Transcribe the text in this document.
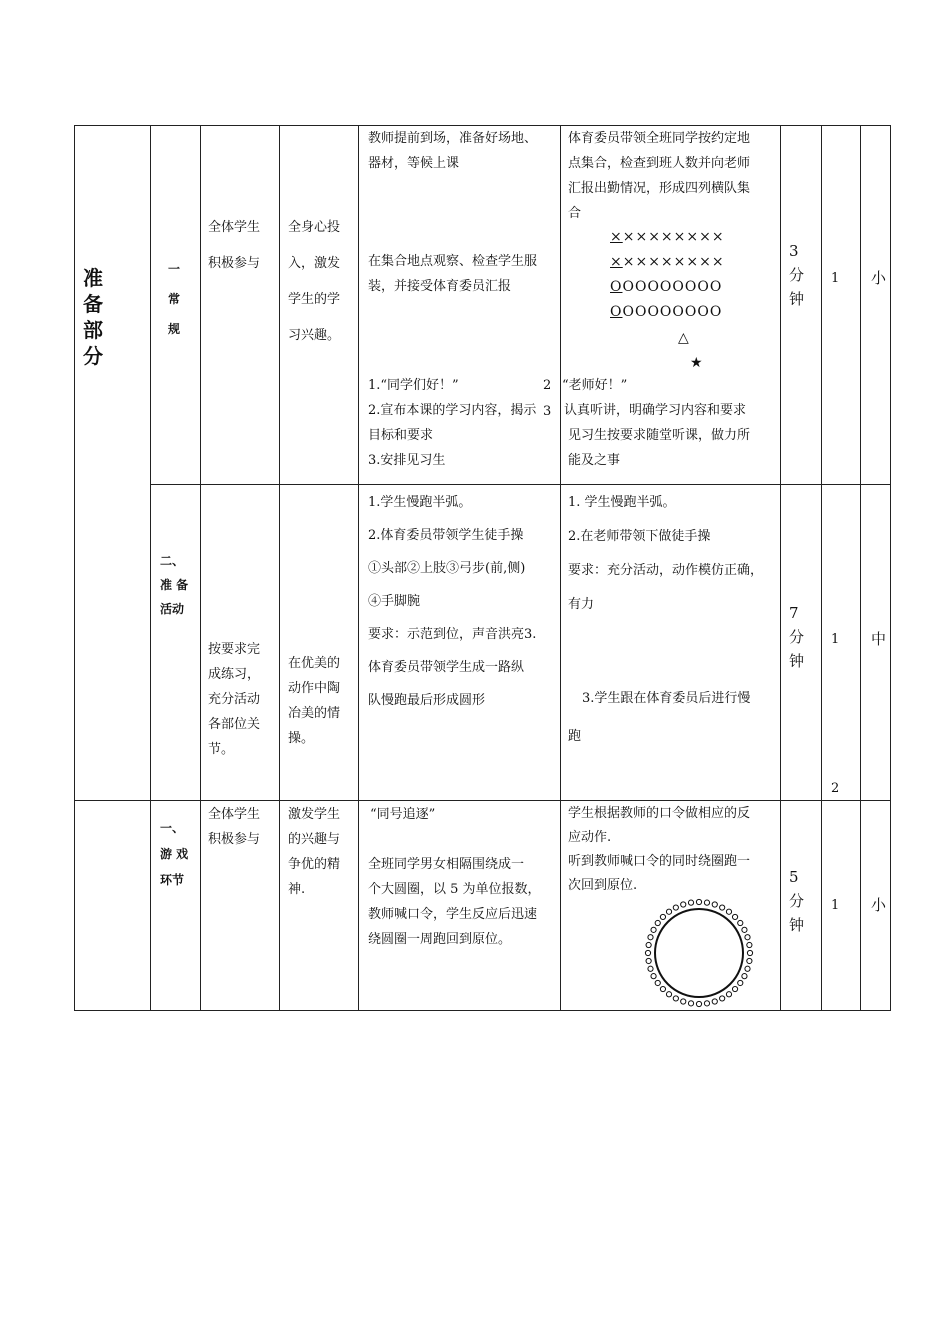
准
备
部
分
一
常
规
全体学生
积极参与
全身心投
入，激发
学生的学
习兴趣。
教师提前到场，准备好场地、
器材，等候上课
在集合地点观察、检查学生服
装，并接受体育委员汇报
1.“同学们好！”
2.宣布本课的学习内容，揭示
目标和要求
3.安排见习生
2
3
体育委员带领全班同学按约定地
点集合，检查到班人数并向老师
汇报出勤情况，形成四列横队集
合
×××××××××
×××××××××
OOOOOOOOO
OOOOOOOOO
△
★
“老师好！”
认真听讲，明确学习内容和要求
见习生按要求随堂听课，做力所
能及之事
3
分
钟
1 小
二、
准 备
活动
按要求完
成练习，
充分活动
各部位关
节。
在优美的
动作中陶
冶美的情
操。
1.学生慢跑半弧。
2.体育委员带领学生徒手操
①头部②上肢③弓步(前,侧)
④手脚腕
要求：示范到位，声音洪亮3.
体育委员带领学生成一路纵
队慢跑最后形成圆形
1. 学生慢跑半弧。
2.在老师带领下做徒手操
要求：充分活动，动作模仿正确，
有力
3.学生跟在体育委员后进行慢
跑
7
分
钟
1
2
中
一、
游 戏
环节
全体学生
积极参与
激发学生
的兴趣与
争优的精
神.
“同号追逐”
全班同学男女相隔围绕成一
个大圆圈，以 5 为单位报数，
教师喊口令，学生反应后迅速
绕圆圈一周跑回到原位。
学生根据教师的口令做相应的反
应动作.
听到教师喊口令的同时绕圈跑一
次回到原位.	5
分
钟
1 小
